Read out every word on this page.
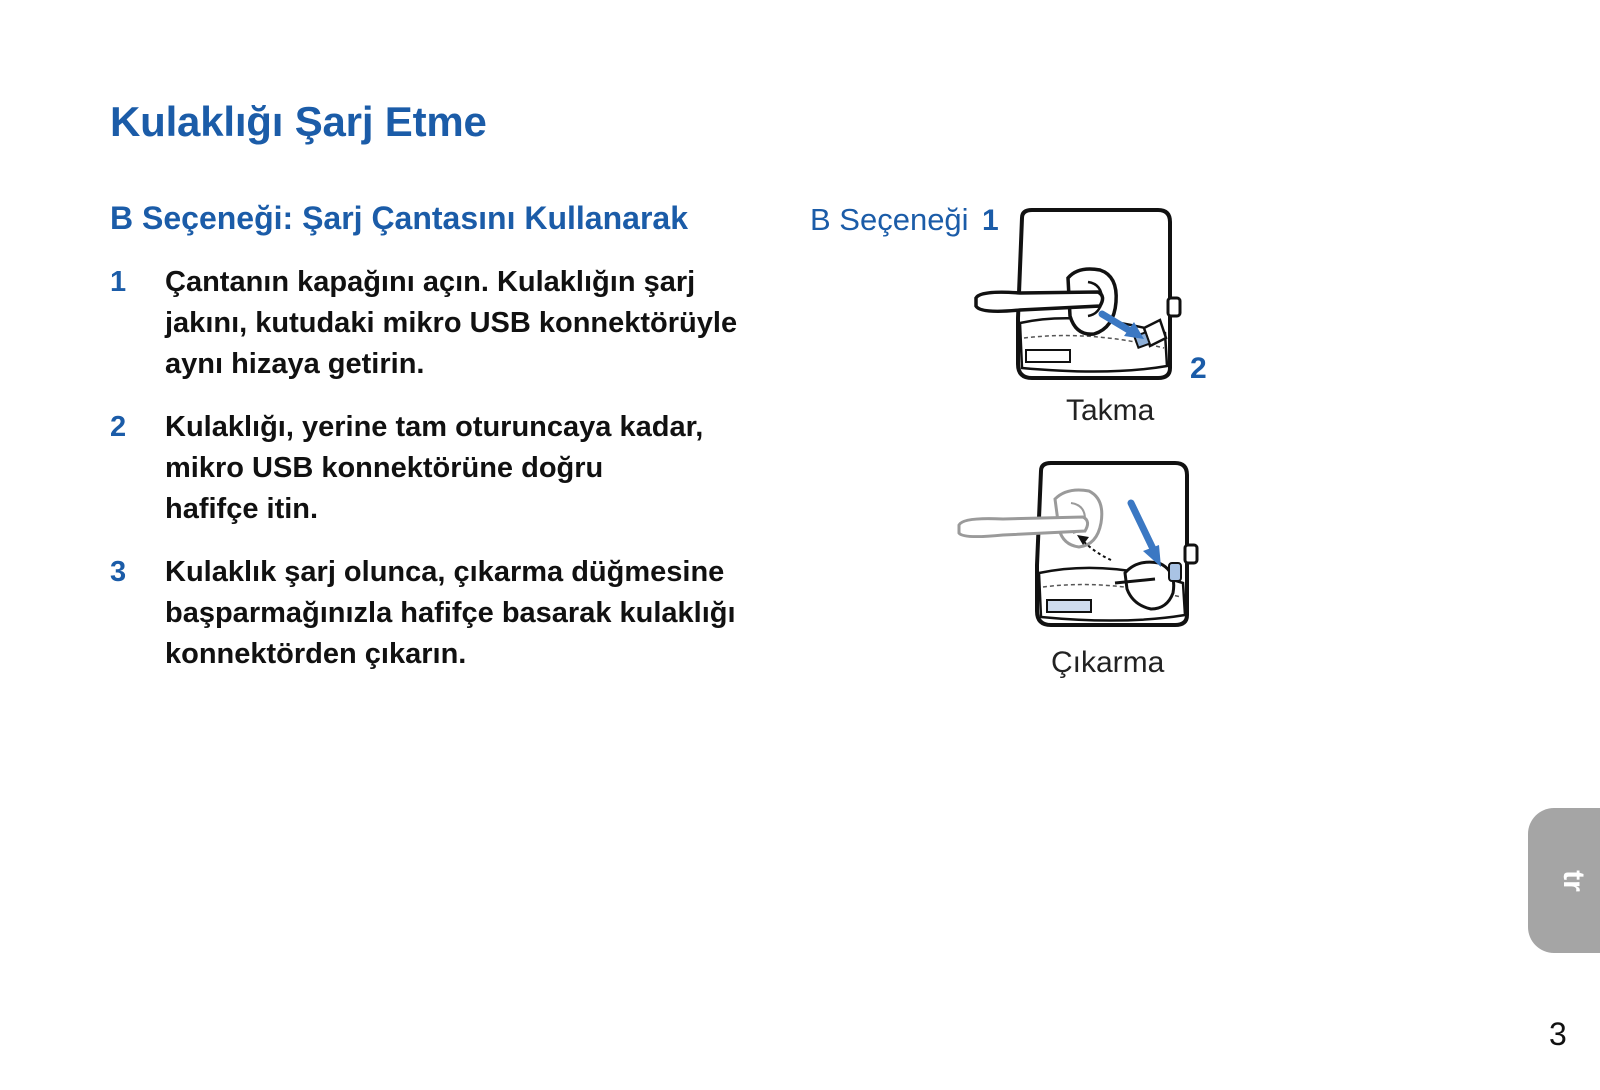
Kulaklığı Şarj Etme
B Seçeneği: Şarj Çantasını Kullanarak
1 Çantanın kapağını açın. Kulaklığın şarj
jakını, kutudaki mikro USB konnektörüyle
aynı hizaya getirin.
2 Kulaklığı, yerine tam oturuncaya kadar,
mikro USB konnektörüne doğru
hafifçe itin.
3 Kulaklık şarj olunca, çıkarma düğmesine
başparmağınızla hafifçe basarak kulaklığı
konnektörden çıkarın.
B Seçeneği 1
2
Takma
Çıkarma
tr
3
